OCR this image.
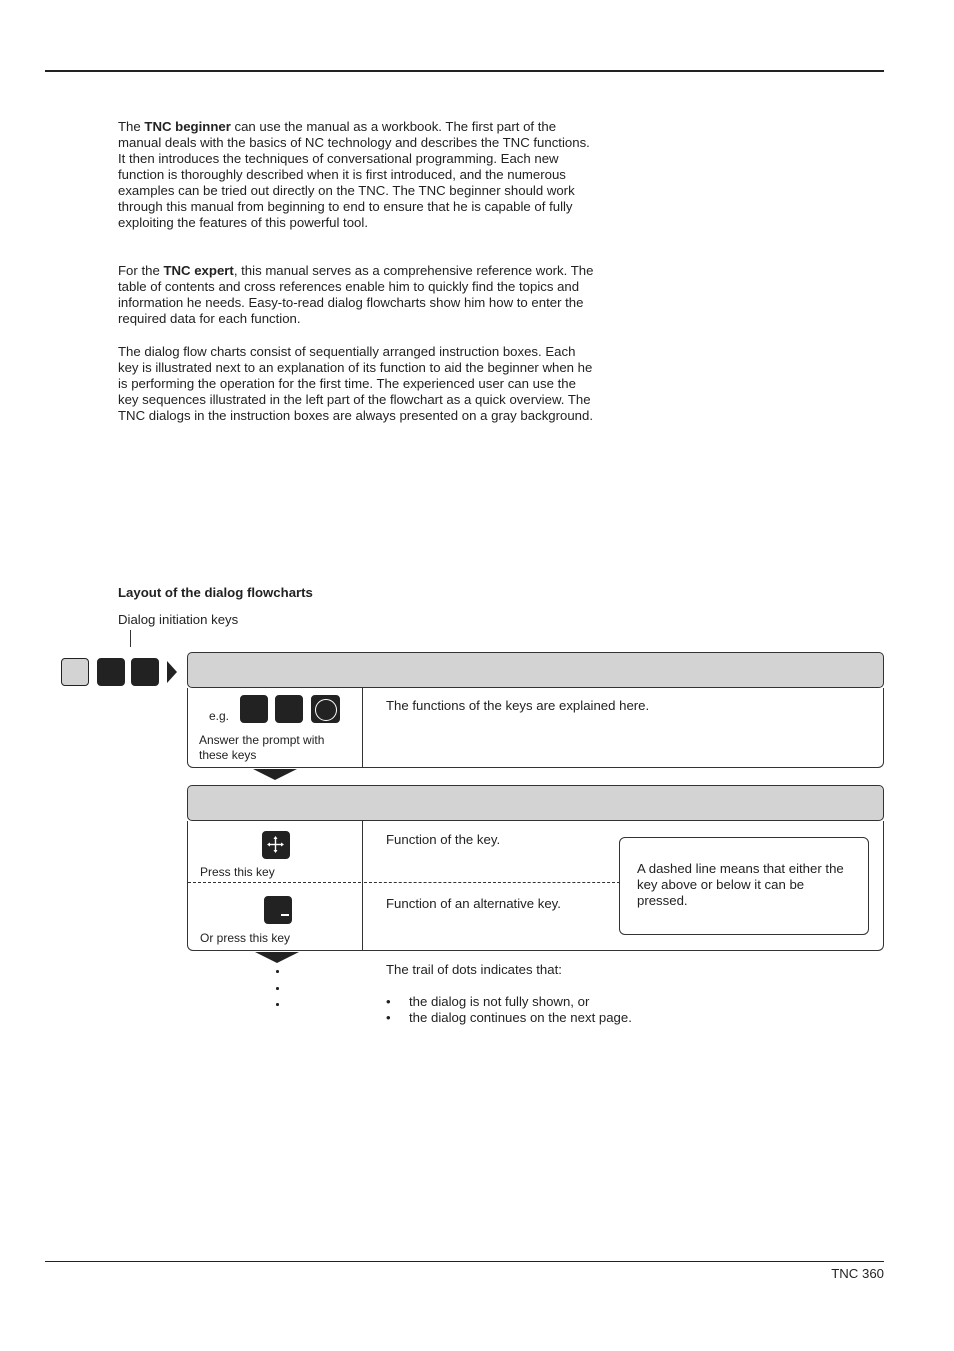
The TNC beginner can use the manual as a workbook. The first part of the manual deals with the basics of NC technology and describes the TNC functions. It then introduces the techniques of conversational programming. Each new function is thoroughly described when it is first introduced, and the numerous examples can be tried out directly on the TNC. The TNC beginner should work through this manual from beginning to end to ensure that he is capable of fully exploiting the features of this powerful tool.

For the TNC expert, this manual serves as a comprehensive reference work. The table of contents and cross references enable him to quickly find the topics and information he needs. Easy-to-read dialog flowcharts show him how to enter the required data for each function.

The dialog flow charts consist of sequentially arranged instruction boxes. Each key is illustrated next to an explanation of its function to aid the beginner when he is performing the operation for the first time. The experienced user can use the key sequences illustrated in the left part of the flowchart as a quick overview. The TNC dialogs in the instruction boxes are always presented on a gray background.

Layout of the dialog flowcharts
Dialog initiation keys
e.g.
Answer the prompt with these keys
The functions of the keys are explained here.
Press this key
Function of the key.
Or press this key
Function of an alternative key.
A dashed line means that either the key above or below it can be pressed.
The trail of dots indicates that:
• the dialog is not fully shown, or
• the dialog continues on the next page.
TNC 360
